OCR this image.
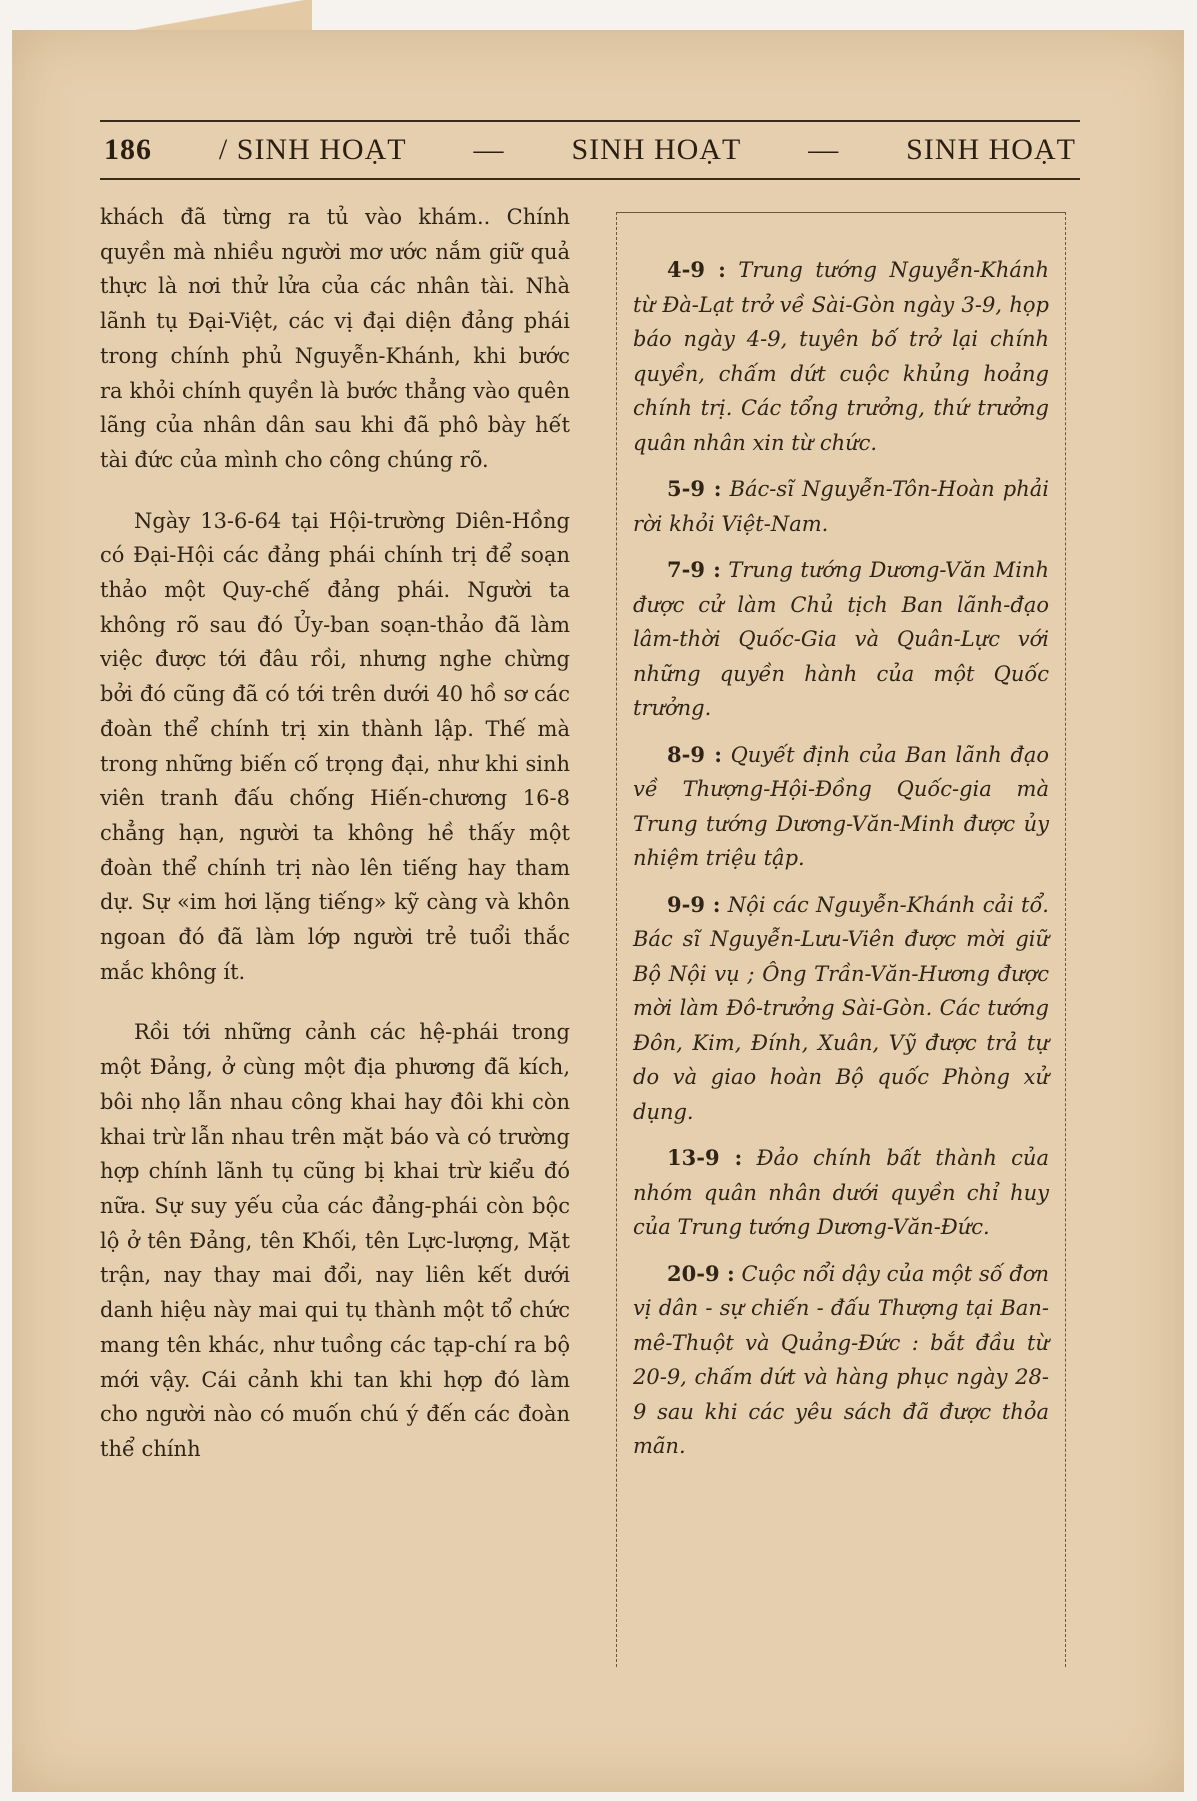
186 / SINH HOẠT — SINH HOẠT — SINH HOẠT

khách đã từng ra tủ vào khám.. Chính quyền mà nhiều người mơ ước nắm giữ quả thực là nơi thử lửa của các nhân tài. Nhà lãnh tụ Đại-Việt, các vị đại diện đảng phái trong chính phủ Nguyễn-Khánh, khi bước ra khỏi chính quyền là bước thẳng vào quên lãng của nhân dân sau khi đã phô bày hết tài đức của mình cho công chúng rõ.

Ngày 13-6-64 tại Hội-trường Diên-Hồng có Đại-Hội các đảng phái chính trị để soạn thảo một Quy-chế đảng phái. Người ta không rõ sau đó Ủy-ban soạn-thảo đã làm việc được tới đâu rồi, nhưng nghe chừng bởi đó cũng đã có tới trên dưới 40 hồ sơ các đoàn thể chính trị xin thành lập. Thế mà trong những biến cố trọng đại, như khi sinh viên tranh đấu chống Hiến-chương 16-8 chẳng hạn, người ta không hề thấy một đoàn thể chính trị nào lên tiếng hay tham dự. Sự «im hơi lặng tiếng» kỹ càng và khôn ngoan đó đã làm lớp người trẻ tuổi thắc mắc không ít.

Rồi tới những cảnh các hệ-phái trong một Đảng, ở cùng một địa phương đã kích, bôi nhọ lẫn nhau công khai hay đôi khi còn khai trừ lẫn nhau trên mặt báo và có trường hợp chính lãnh tụ cũng bị khai trừ kiểu đó nữa. Sự suy yếu của các đảng-phái còn bộc lộ ở tên Đảng, tên Khối, tên Lực-lượng, Mặt trận, nay thay mai đổi, nay liên kết dưới danh hiệu này mai qui tụ thành một tổ chức mang tên khác, như tuồng các tạp-chí ra bộ mới vậy. Cái cảnh khi tan khi hợp đó làm cho người nào có muốn chú ý đến các đoàn thể chính

4-9 : Trung tướng Nguyễn-Khánh từ Đà-Lạt trở về Sài-Gòn ngày 3-9, họp báo ngày 4-9, tuyên bố trở lại chính quyền, chấm dứt cuộc khủng hoảng chính trị. Các tổng trưởng, thứ trưởng quân nhân xin từ chức.

5-9 : Bác-sĩ Nguyễn-Tôn-Hoàn phải rời khỏi Việt-Nam.

7-9 : Trung tướng Dương-Văn Minh được cử làm Chủ tịch Ban lãnh-đạo lâm-thời Quốc-Gia và Quân-Lực với những quyền hành của một Quốc trưởng.

8-9 : Quyết định của Ban lãnh đạo về Thượng-Hội-Đồng Quốc-gia mà Trung tướng Dương-Văn-Minh được ủy nhiệm triệu tập.

9-9 : Nội các Nguyễn-Khánh cải tổ. Bác sĩ Nguyễn-Lưu-Viên được mời giữ Bộ Nội vụ ; Ông Trần-Văn-Hương được mời làm Đô-trưởng Sài-Gòn. Các tướng Đôn, Kim, Đính, Xuân, Vỹ được trả tự do và giao hoàn Bộ quốc Phòng xử dụng.

13-9 : Đảo chính bất thành của nhóm quân nhân dưới quyền chỉ huy của Trung tướng Dương-Văn-Đức.

20-9 : Cuộc nổi dậy của một số đơn vị dân - sự chiến - đấu Thượng tại Ban-mê-Thuột và Quảng-Đức : bắt đầu từ 20-9, chấm dứt và hàng phục ngày 28-9 sau khi các yêu sách đã được thỏa mãn.
